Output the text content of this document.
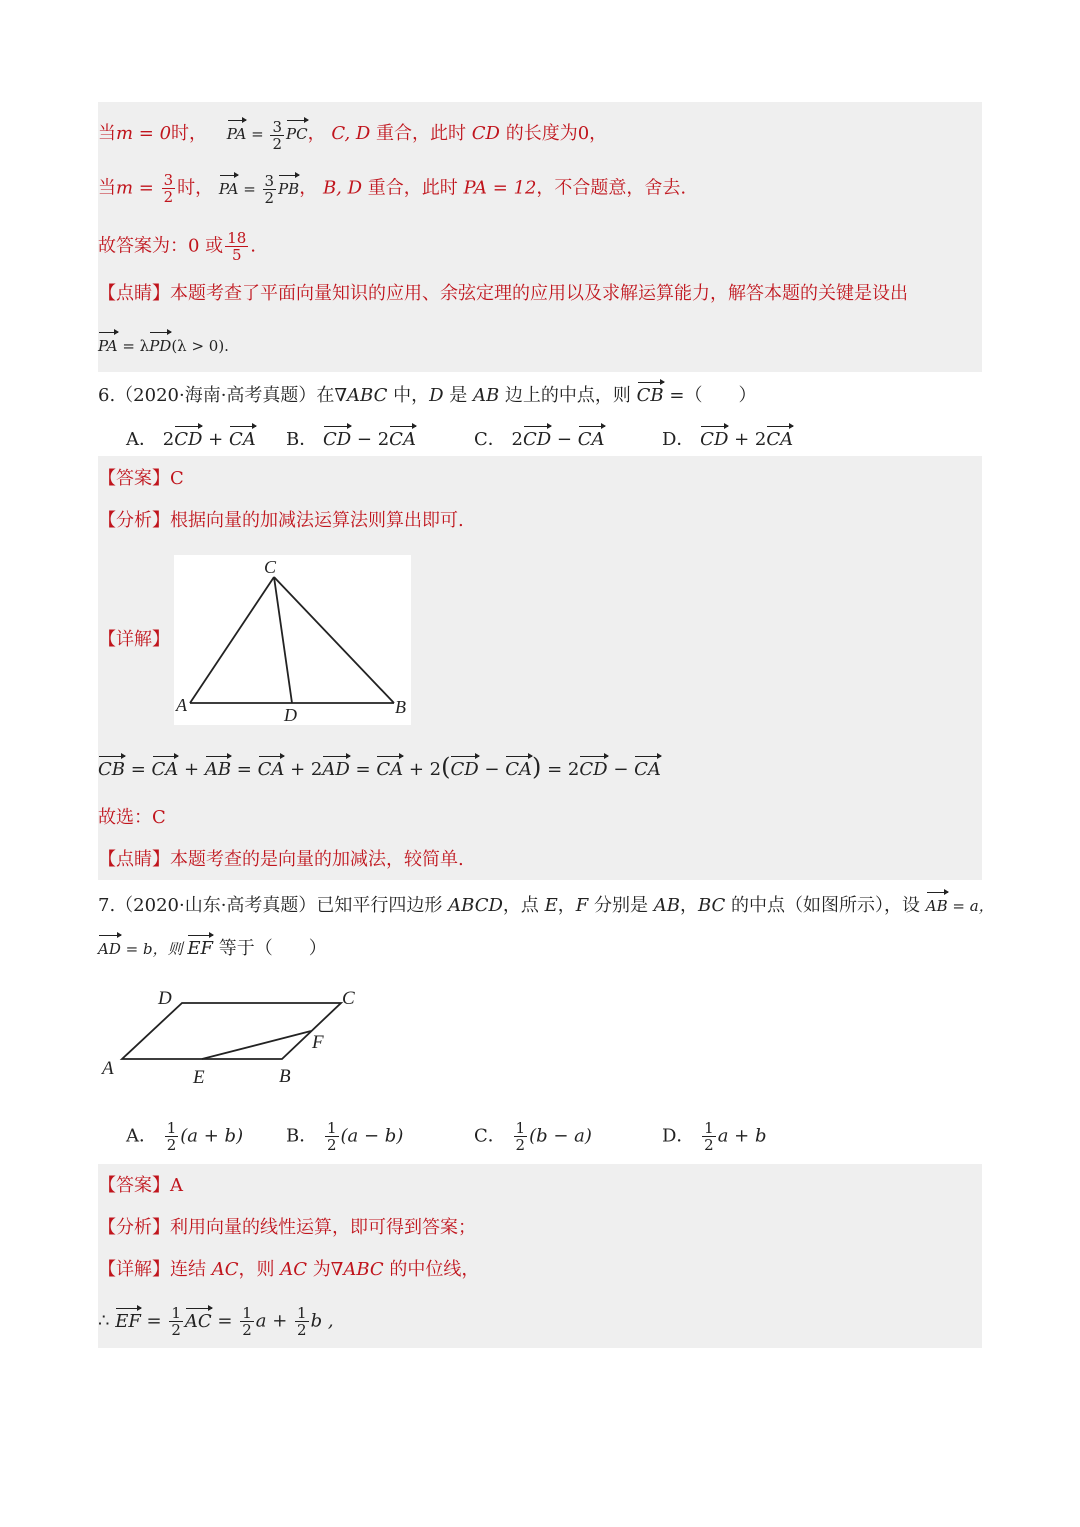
当m = 0时， PA = $\frac{3}{2}$ PC， C, D 重合，此时 CD 的长度为0，
当$m = \frac{3}{2}$ 时， PA = $\frac{3}{2}$ PB， B, D 重合，此时 PA = 12，不合题意，舍去.
故答案为：0 或 $\frac{18}{5}$ .
【点睛】本题考查了平面向量知识的应用、余弦定理的应用以及求解运算能力，解答本题的关键是设出
PA = λPD(λ > 0).
6.（2020·海南·高考真题）在∇ABC 中，D 是 AB 边上的中点，则 CB =（　　）
A． 2CD + CA B． CD − 2CA	C． 2CD − CA	D． CD + 2CA
【答案】C
【分析】根据向量的加减法运算法则算出即可.
【详解】
C
A	D	B
CB = CA + AB = CA + 2AD = CA + 2(CD − CA) = 2CD − CA
故选：C
【点睛】本题考查的是向量的加减法，较简单.
7.（2020·山东·高考真题）已知平行四边形 ABCD，点 E，F 分别是 AB，BC 的中点（如图所示），设 AB = a，
AD = b，则 EF 等于（　　）
D	C
F
A	E	B
A． $\frac{1}{2} (a + b)$ B． $\frac{1}{2} (a - b)$	C． $\frac{1}{2} (b - a)$	D． $\frac{1}{2}$ a + b
【答案】A
【分析】利用向量的线性运算，即可得到答案；
【详解】连结 AC，则 AC 为∇ABC 的中位线，
∴ EF = $\frac{1}{2}$ AC = $\frac{1}{2}$ $a + \frac{1}{2}$ b ,
